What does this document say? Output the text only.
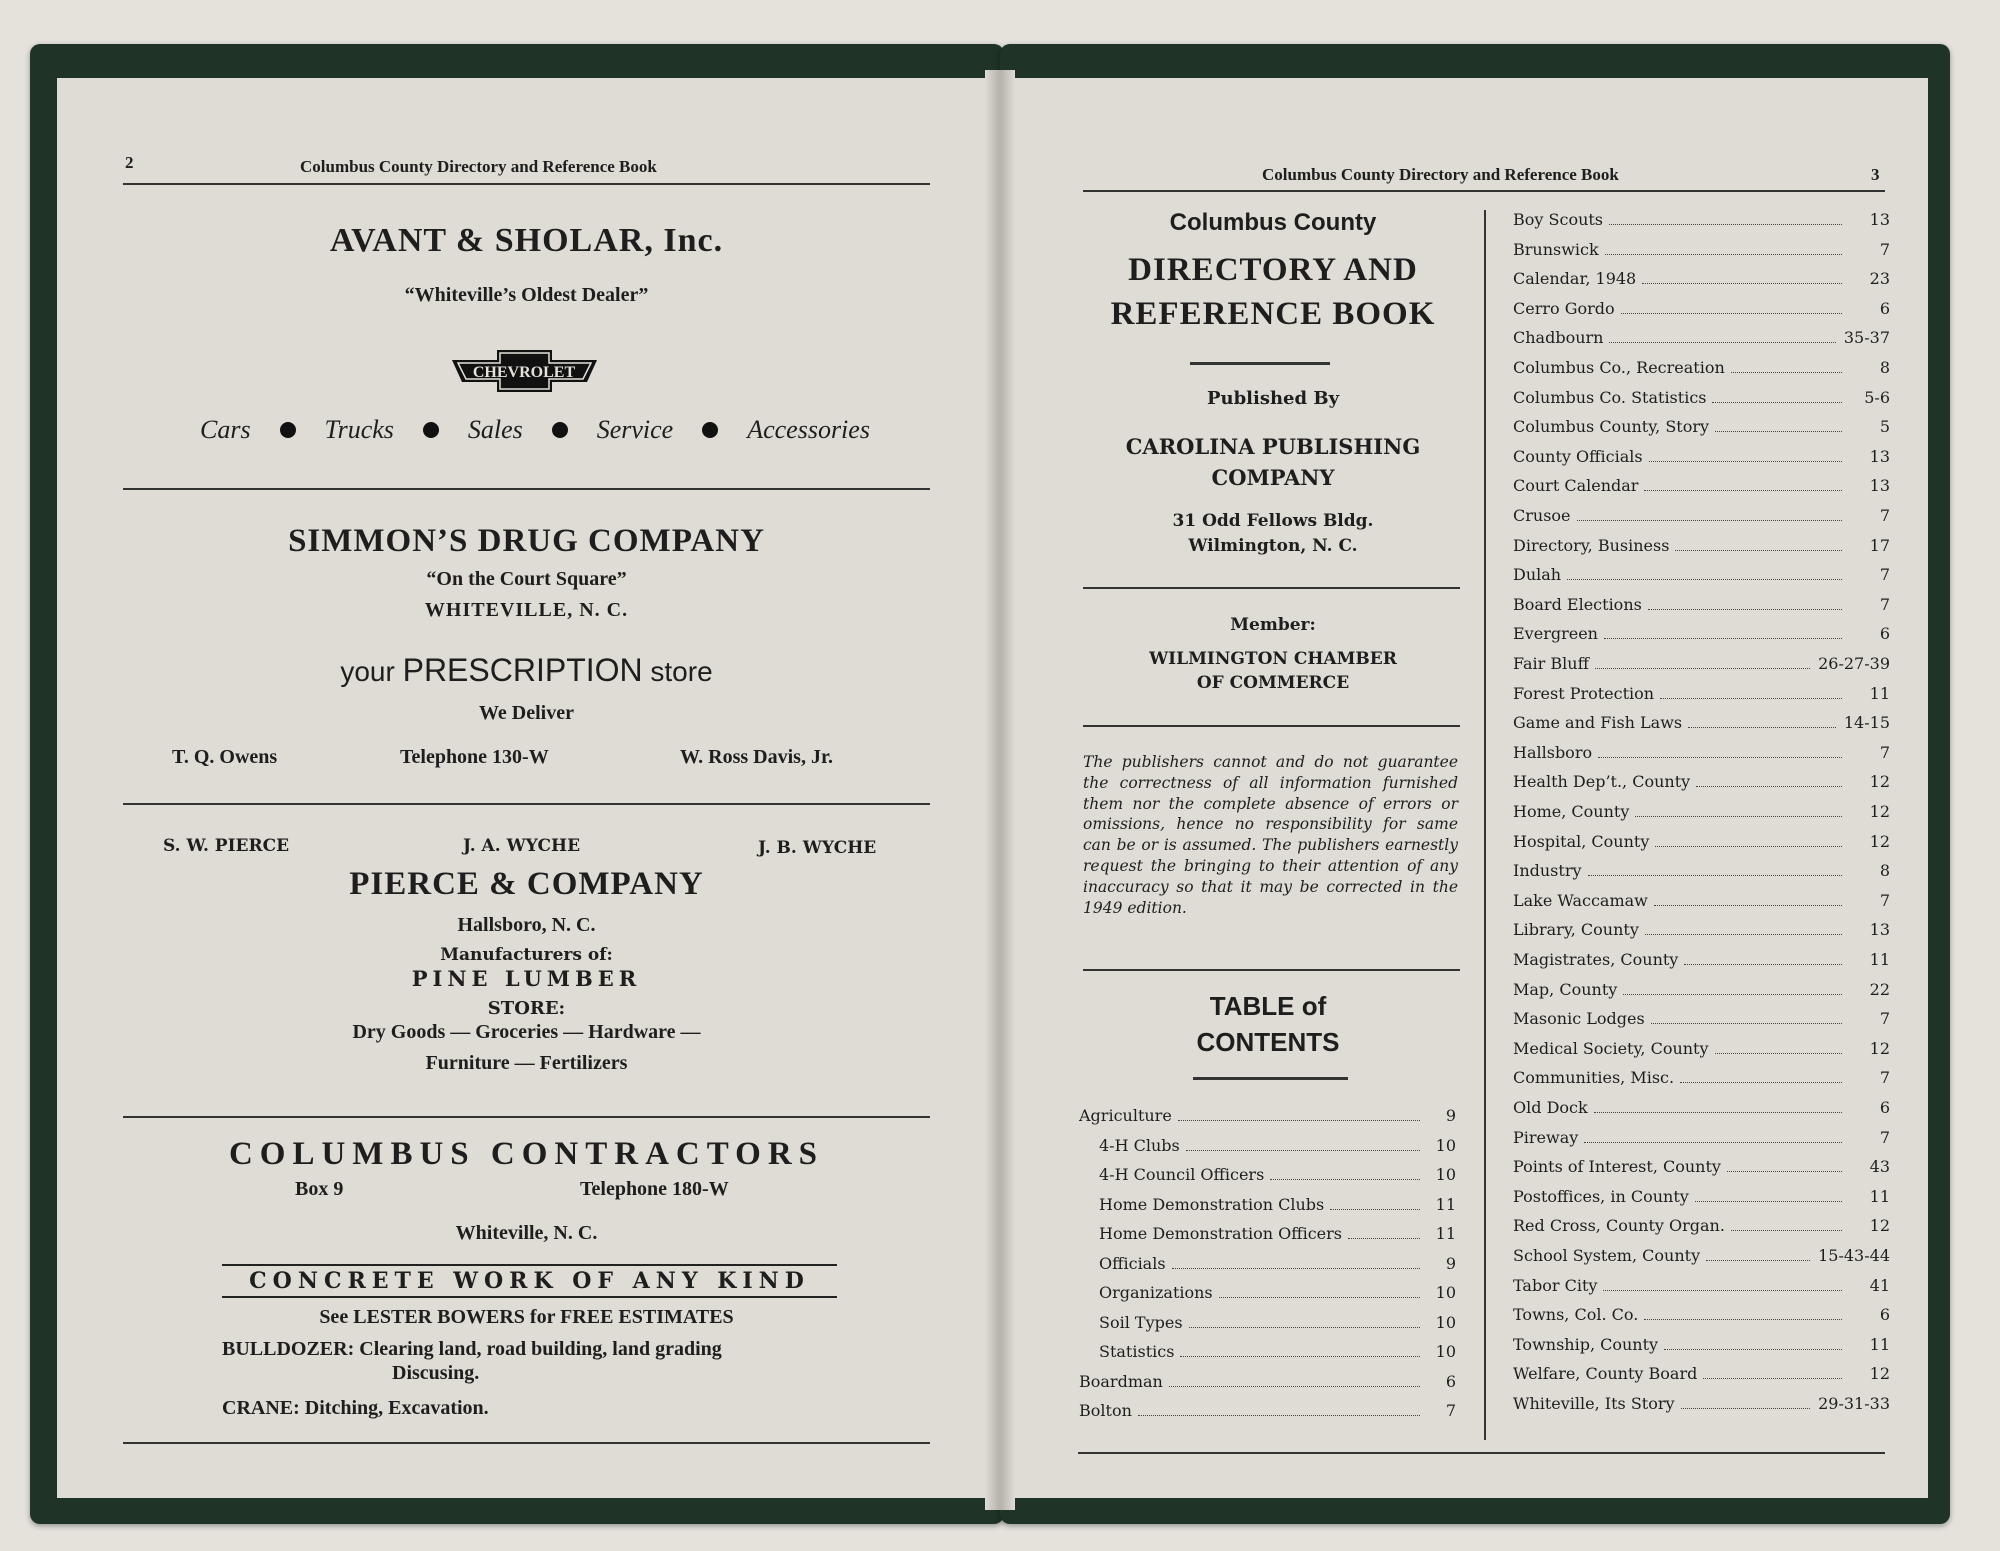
2	Columbus County Directory and Reference Book
AVANT & SHOLAR, Inc.
“Whiteville’s Oldest Dealer”
CHEVROLET
Cars	Trucks	Sales	Service	Accessories
SIMMON’S DRUG COMPANY
“On the Court Square”
WHITEVILLE, N. C.
your PRESCRIPTION store
We Deliver
T. Q. Owens	Telephone 130-W	W. Ross Davis, Jr.
S. W. PIERCE	J. A. WYCHE	J. B. WYCHE
PIERCE & COMPANY
Hallsboro, N. C.
Manufacturers of:
PINE LUMBER
STORE:
Dry Goods — Groceries — Hardware —
Furniture — Fertilizers
COLUMBUS CONTRACTORS
Box 9	Telephone 180-W
Whiteville, N. C.
CONCRETE WORK OF ANY KIND
See LESTER BOWERS for FREE ESTIMATES
BULLDOZER: Clearing land, road building, land grading
Discusing.
CRANE: Ditching, Excavation.
Columbus County Directory and Reference Book	3
Columbus County
DIRECTORY AND
REFERENCE BOOK
Published By
CAROLINA PUBLISHING
COMPANY
31 Odd Fellows Bldg.
Wilmington, N. C.
Member:
WILMINGTON CHAMBER
OF COMMERCE
The publishers cannot and do not guarantee the correctness of all information furnished them nor the complete absence of errors or omissions, hence no responsibility for same can be or is assumed. The publishers earnestly request the bringing to their attention of any inaccuracy so that it may be corrected in the 1949 edition.
TABLE of
CONTENTS
Agriculture	9
4-H Clubs	10
4-H Council Officers	10
Home Demonstration Clubs	11
Home Demonstration Officers	11
Officials	9
Organizations	10
Soil Types	10
Statistics	10
Boardman	6
Bolton	7
Boy Scouts	13
Brunswick	7
Calendar, 1948	23
Cerro Gordo	6
Chadbourn	35-37
Columbus Co., Recreation	8
Columbus Co. Statistics	5-6
Columbus County, Story	5
County Officials	13
Court Calendar	13
Crusoe	7
Directory, Business	17
Dulah	7
Board Elections	7
Evergreen	6
Fair Bluff	26-27-39
Forest Protection	11
Game and Fish Laws	14-15
Hallsboro	7
Health Dep’t., County	12
Home, County	12
Hospital, County	12
Industry	8
Lake Waccamaw	7
Library, County	13
Magistrates, County	11
Map, County	22
Masonic Lodges	7
Medical Society, County	12
Communities, Misc.	7
Old Dock	6
Pireway	7
Points of Interest, County	43
Postoffices, in County	11
Red Cross, County Organ.	12
School System, County	15-43-44
Tabor City	41
Towns, Col. Co.	6
Township, County	11
Welfare, County Board	12
Whiteville, Its Story	29-31-33
